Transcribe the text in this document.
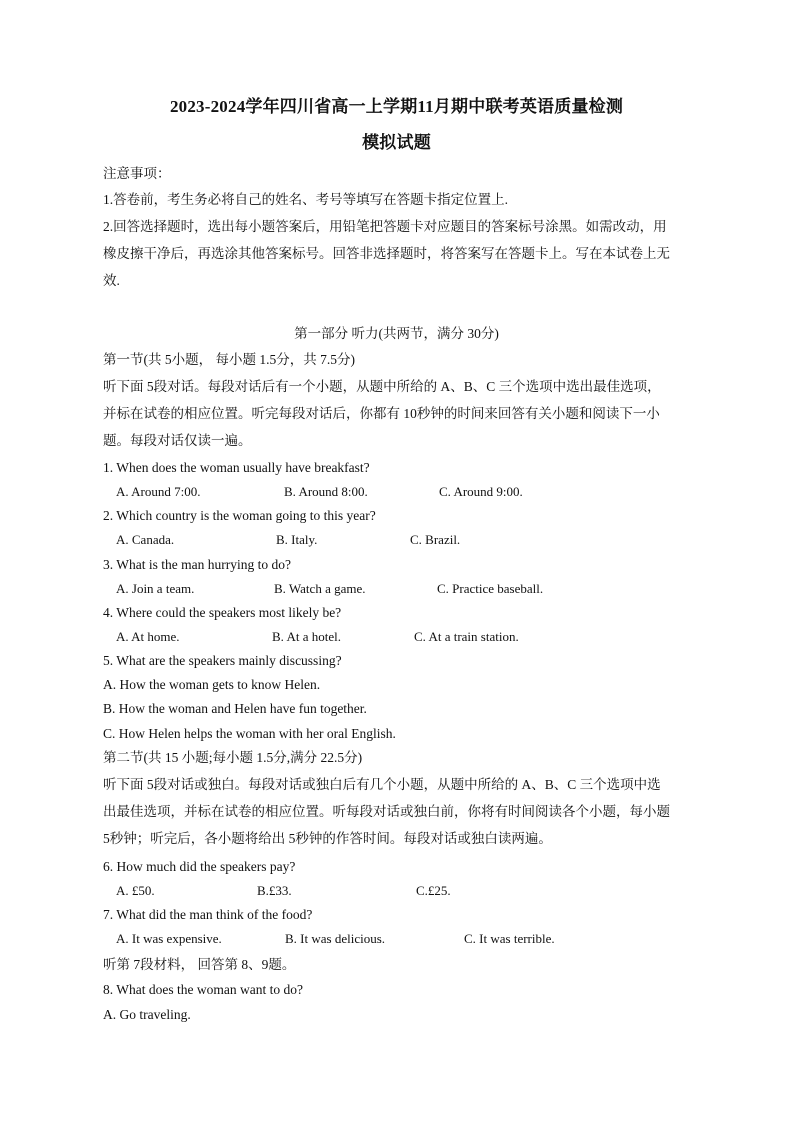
2023-2024学年四川省高一上学期11月期中联考英语质量检测
模拟试题
注意事项：
1.答卷前，考生务必将自己的姓名、考号等填写在答题卡指定位置上.
2.回答选择题时，选出每小题答案后，用铅笔把答题卡对应题目的答案标号涂黑。如需改动，用
橡皮擦干净后，再选涂其他答案标号。回答非选择题时，将答案写在答题卡上。写在本试卷上无
效.
第一部分 听力(共两节，满分 30分)
第一节(共 5小题， 每小题 1.5分，共 7.5分)
听下面 5段对话。每段对话后有一个小题，从题中所给的 A、B、C 三个选项中选出最佳选项，
并标在试卷的相应位置。听完每段对话后，你都有 10秒钟的时间来回答有关小题和阅读下一小
题。每段对话仅读一遍。
1. When does the woman usually have breakfast?
A. Around 7:00.	B. Around 8:00.	C. Around 9:00.
2. Which country is the woman going to this year?
A. Canada.	B. Italy.	C. Brazil.
3. What is the man hurrying to do?
A. Join a team.	B. Watch a game.	C. Practice baseball.
4. Where could the speakers most likely be?
A. At home.	B. At a hotel.	C. At a train station.
5. What are the speakers mainly discussing?
A. How the woman gets to know Helen.
B. How the woman and Helen have fun together.
C. How Helen helps the woman with her oral English.
第二节(共 15 小题;每小题 1.5分,满分 22.5分)
听下面 5段对话或独白。每段对话或独白后有几个小题，从题中所给的 A、B、C 三个选项中选
出最佳选项，并标在试卷的相应位置。听每段对话或独白前，你将有时间阅读各个小题，每小题
5秒钟；听完后，各小题将给出 5秒钟的作答时间。每段对话或独白读两遍。
6. How much did the speakers pay?
A. £50.	B.£33.	C.£25.
7. What did the man think of the food?
A. It was expensive.	B. It was delicious.	C. It was terrible.
听第 7段材料， 回答第 8、9题。
8. What does the woman want to do?
A. Go traveling.
